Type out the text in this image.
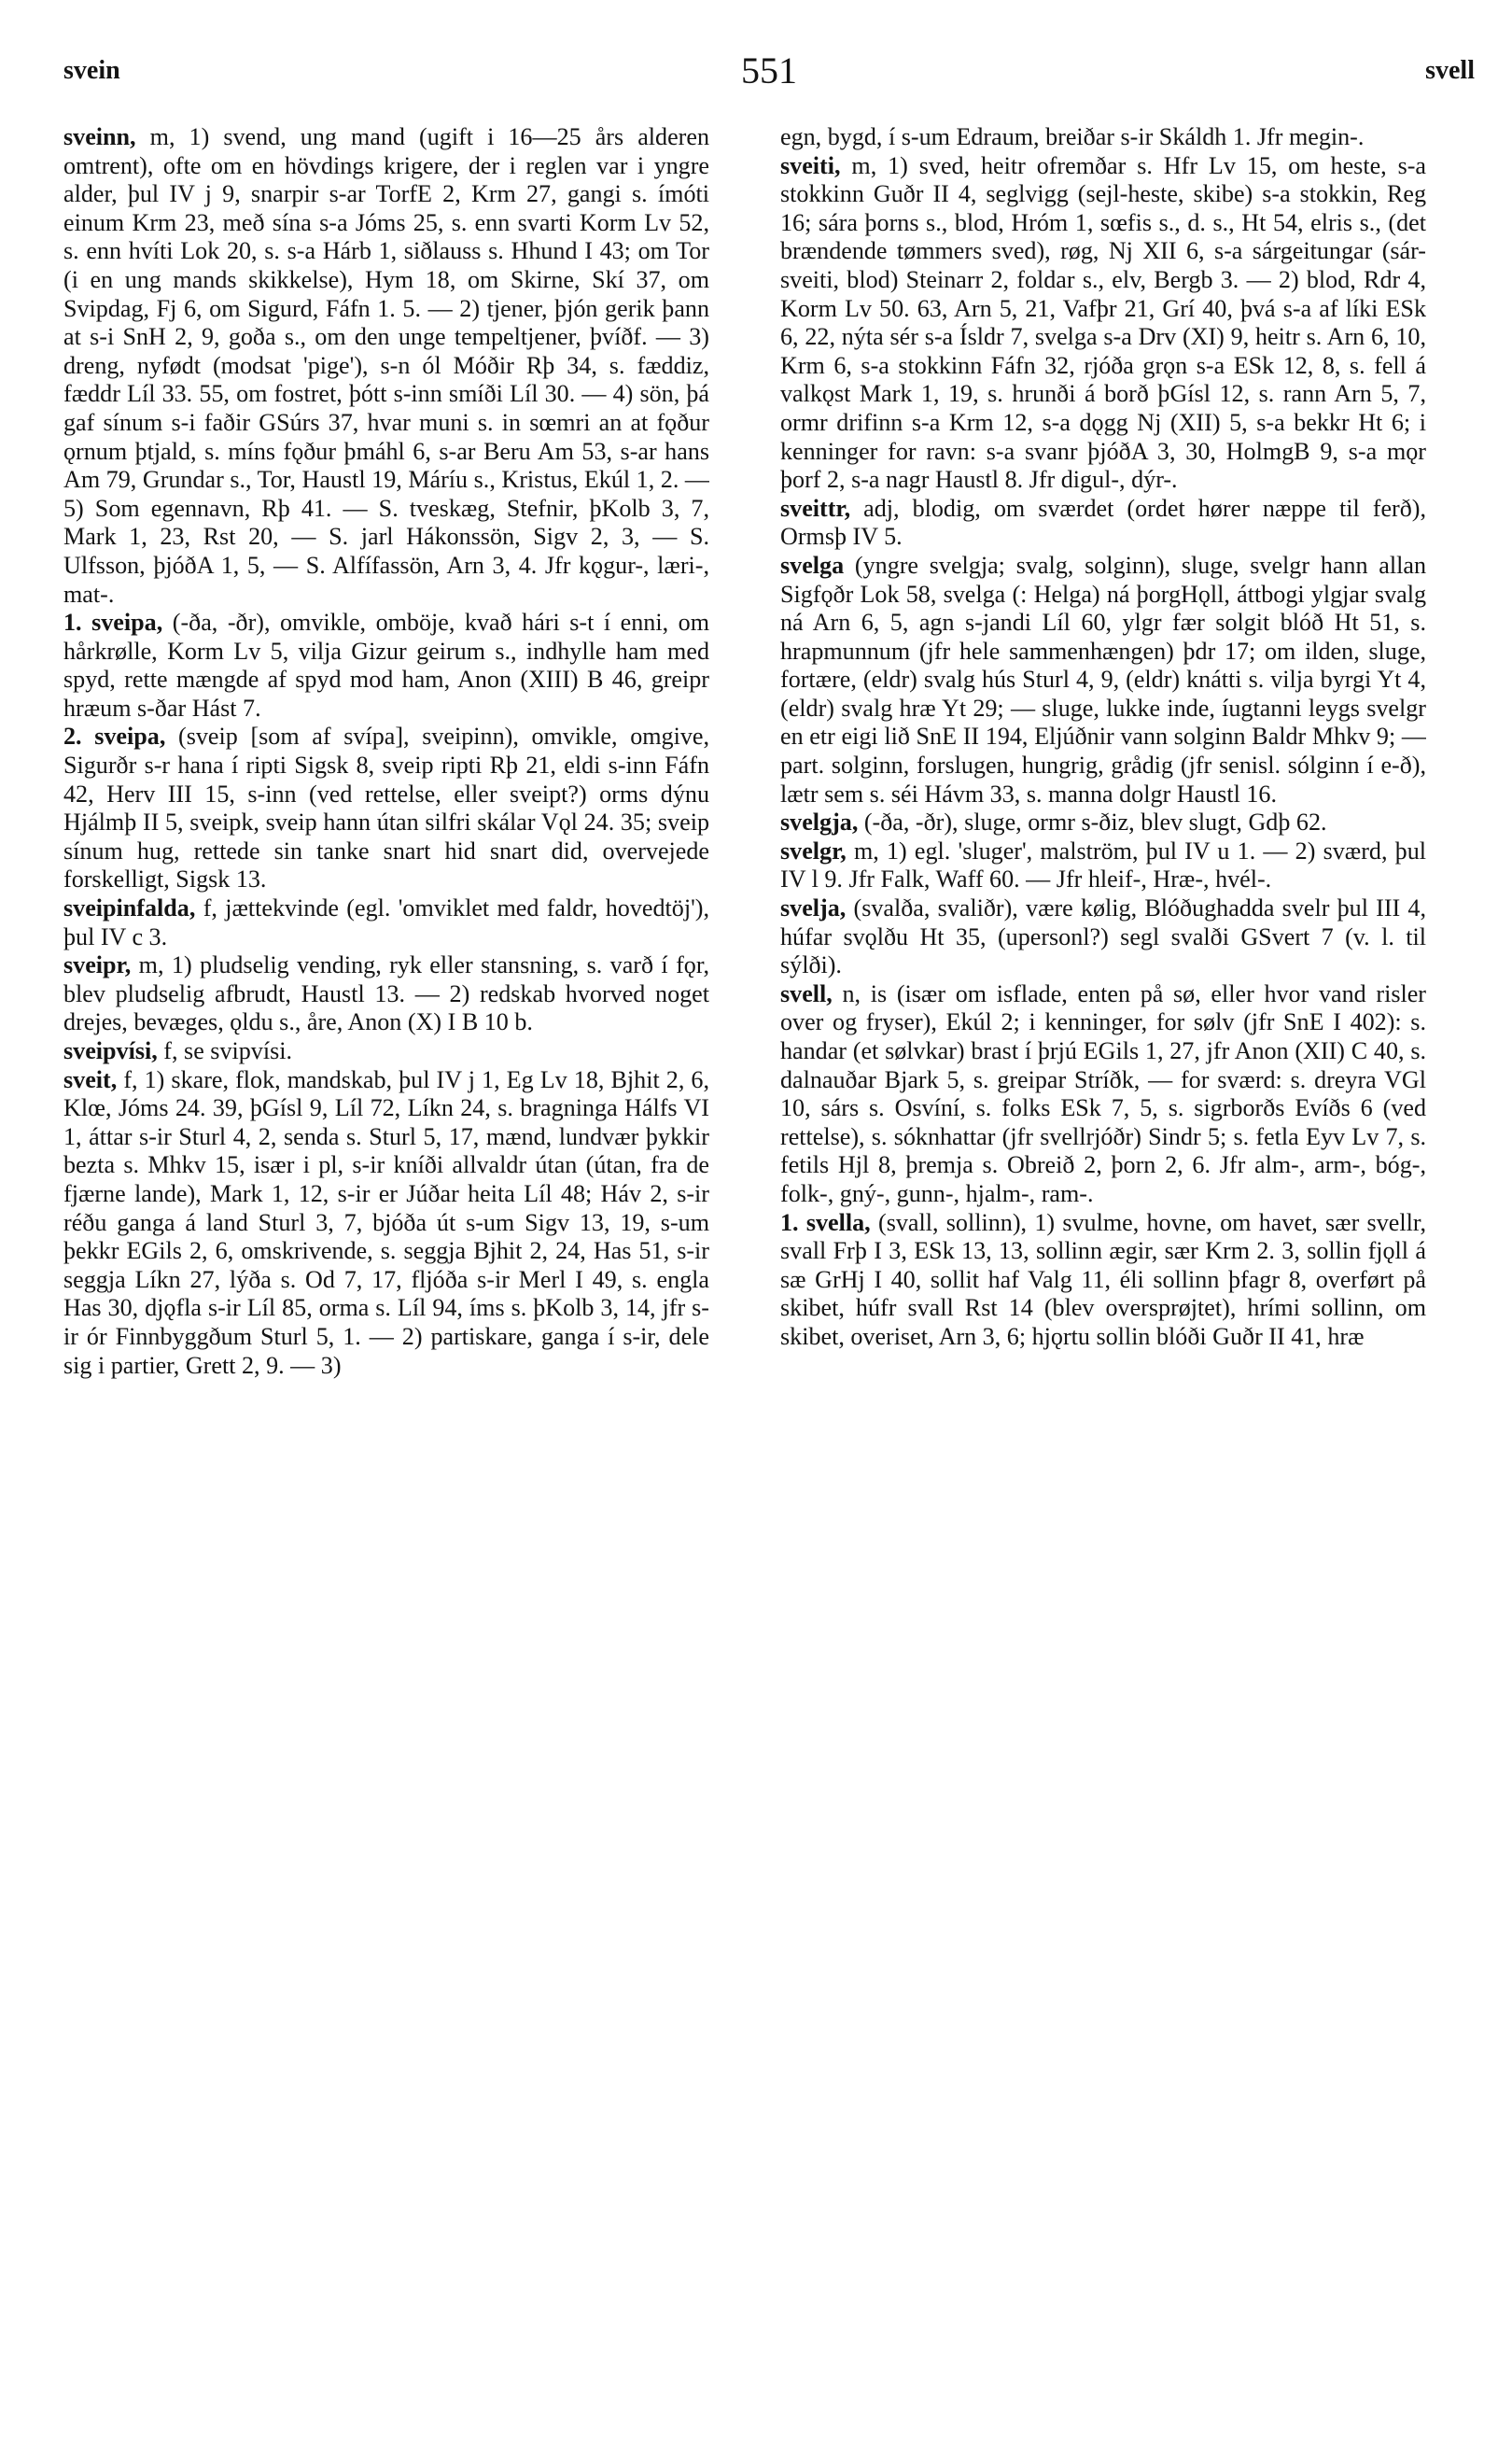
svein	551	svell

sveinn, m, 1) svend, ung mand (ugift i 16—25 års alderen omtrent), ofte om en hövdings krigere, der i reglen var i yngre alder, þul IV j 9, snarpir s-ar TorfE 2, Krm 27, gangi s. ímóti einum Krm 23, með sína s-a Jóms 25, s. enn svarti Korm Lv 52, s. enn hvíti Lok 20, s. s-a Hárb 1, siðlauss s. Hhund I 43; om Tor (i en ung mands skikkelse), Hym 18, om Skirne, Skí 37, om Svipdag, Fj 6, om Sigurd, Fáfn 1. 5. — 2) tjener, þjón gerik þann at s-i SnH 2, 9, goða s., om den unge tempeltjener, þvíðf. — 3) dreng, nyfødt (modsat 'pige'), s-n ól Móðir Rþ 34, s. fæddiz, fæddr Líl 33. 55, om fostret, þótt s-inn smíði Líl 30. — 4) sön, þá gaf sínum s-i faðir GSúrs 37, hvar muni s. in sœmri an at fǫður ǫrnum þtjald, s. míns fǫður þmáhl 6, s-ar Beru Am 53, s-ar hans Am 79, Grundar s., Tor, Haustl 19, Máríu s., Kristus, Ekúl 1, 2. — 5) Som egennavn, Rþ 41. — S. tveskæg, Stefnir, þKolb 3, 7, Mark 1, 23, Rst 20, — S. jarl Hákonssön, Sigv 2, 3, — S. Ulfsson, þjóðA 1, 5, — S. Alfífassön, Arn 3, 4. Jfr kǫgur-, læri-, mat-.

1. sveipa, (-ða, -ðr), omvikle, omböje, kvað hári s-t í enni, om hårkrølle, Korm Lv 5, vilja Gizur geirum s., indhylle ham med spyd, rette mængde af spyd mod ham, Anon (XIII) B 46, greipr hræum s-ðar Hást 7.

2. sveipa, (sveip [som af svípa], sveipinn), omvikle, omgive, Sigurðr s-r hana í ripti Sigsk 8, sveip ripti Rþ 21, eldi s-inn Fáfn 42, Herv III 15, s-inn (ved rettelse, eller sveipt?) orms dýnu Hjálmþ II 5, sveipk, sveip hann útan silfri skálar Vǫl 24. 35; sveip sínum hug, rettede sin tanke snart hid snart did, overvejede forskelligt, Sigsk 13.

sveipinfalda, f, jættekvinde (egl. 'omviklet med faldr, hovedtöj'), þul IV c 3.

sveipr, m, 1) pludselig vending, ryk eller stansning, s. varð í fǫr, blev pludselig afbrudt, Haustl 13. — 2) redskab hvorved noget drejes, bevæges, ǫldu s., åre, Anon (X) I B 10 b.

sveipvísi, f, se svipvísi.

sveit, f, 1) skare, flok, mandskab, þul IV j 1, Eg Lv 18, Bjhit 2, 6, Klœ, Jóms 24. 39, þGísl 9, Líl 72, Líkn 24, s. bragninga Hálfs VI 1, áttar s-ir Sturl 4, 2, senda s. Sturl 5, 17, mænd, lundvær þykkir bezta s. Mhkv 15, især i pl, s-ir kníði allvaldr útan (útan, fra de fjærne lande), Mark 1, 12, s-ir er Júðar heita Líl 48; Háv 2, s-ir réðu ganga á land Sturl 3, 7, bjóða út s-um Sigv 13, 19, s-um þekkr EGils 2, 6, omskrivende, s. seggja Bjhit 2, 24, Has 51, s-ir seggja Líkn 27, lýða s. Od 7, 17, fljóða s-ir Merl I 49, s. engla Has 30, djǫfla s-ir Líl 85, orma s. Líl 94, íms s. þKolb 3, 14, jfr s-ir ór Finnbyggðum Sturl 5, 1. — 2) partiskare, ganga í s-ir, dele sig i partier, Grett 2, 9. — 3)

egn, bygd, í s-um Edraum, breiðar s-ir Skáldh 1. Jfr megin-.

sveiti, m, 1) sved, heitr ofremðar s. Hfr Lv 15, om heste, s-a stokkinn Guðr II 4, seglvigg (sejl-heste, skibe) s-a stokkin, Reg 16; sára þorns s., blod, Hróm 1, sœfis s., d. s., Ht 54, elris s., (det brændende tømmers sved), røg, Nj XII 6, s-a sárgeitungar (sár-sveiti, blod) Steinarr 2, foldar s., elv, Bergb 3. — 2) blod, Rdr 4, Korm Lv 50. 63, Arn 5, 21, Vafþr 21, Grí 40, þvá s-a af líki ESk 6, 22, nýta sér s-a Ísldr 7, svelga s-a Drv (XI) 9, heitr s. Arn 6, 10, Krm 6, s-a stokkinn Fáfn 32, rjóða grǫn s-a ESk 12, 8, s. fell á valkǫst Mark 1, 19, s. hrunði á borð þGísl 12, s. rann Arn 5, 7, ormr drifinn s-a Krm 12, s-a dǫgg Nj (XII) 5, s-a bekkr Ht 6; i kenninger for ravn: s-a svanr þjóðA 3, 30, HolmgB 9, s-a mǫr þorf 2, s-a nagr Haustl 8. Jfr digul-, dýr-.

sveittr, adj, blodig, om sværdet (ordet hører næppe til ferð), Ormsþ IV 5.

svelga (yngre svelgja; svalg, solginn), sluge, svelgr hann allan Sigfǫðr Lok 58, svelga (: Helga) ná þorgHǫll, áttbogi ylgjar svalg ná Arn 6, 5, agn s-jandi Líl 60, ylgr fær solgit blóð Ht 51, s. hrapmunnum (jfr hele sammenhængen) þdr 17; om ilden, sluge, fortære, (eldr) svalg hús Sturl 4, 9, (eldr) knátti s. vilja byrgi Yt 4, (eldr) svalg hræ Yt 29; — sluge, lukke inde, íugtanni leygs svelgr en etr eigi lið SnE II 194, Eljúðnir vann solginn Baldr Mhkv 9; — part. solginn, forslugen, hungrig, grådig (jfr senisl. sólginn í e-ð), lætr sem s. séi Hávm 33, s. manna dolgr Haustl 16.

svelgja, (-ða, -ðr), sluge, ormr s-ðiz, blev slugt, Gdþ 62.

svelgr, m, 1) egl. 'sluger', malström, þul IV u 1. — 2) sværd, þul IV l 9. Jfr Falk, Waff 60. — Jfr hleif-, Hræ-, hvél-.

svelja, (svalða, svaliðr), være kølig, Blóðughadda svelr þul III 4, húfar svǫlðu Ht 35, (upersonl?) segl svalði GSvert 7 (v. l. til sýlði).

svell, n, is (især om isflade, enten på sø, eller hvor vand risler over og fryser), Ekúl 2; i kenninger, for sølv (jfr SnE I 402): s. handar (et sølvkar) brast í þrjú EGils 1, 27, jfr Anon (XII) C 40, s. dalnauðar Bjark 5, s. greipar Stríðk, — for sværd: s. dreyra VGl 10, sárs s. Osvíní, s. folks ESk 7, 5, s. sigrborðs Evíðs 6 (ved rettelse), s. sóknhattar (jfr svellrjóðr) Sindr 5; s. fetla Eyv Lv 7, s. fetils Hjl 8, þremja s. Obreið 2, þorn 2, 6. Jfr alm-, arm-, bóg-, folk-, gný-, gunn-, hjalm-, ram-.

1. svella, (svall, sollinn), 1) svulme, hovne, om havet, sær svellr, svall Frþ I 3, ESk 13, 13, sollinn ægir, sær Krm 2. 3, sollin fjǫll á sæ GrHj I 40, sollit haf Valg 11, éli sollinn þfagr 8, overført på skibet, húfr svall Rst 14 (blev oversprøjtet), hrími sollinn, om skibet, overiset, Arn 3, 6; hjǫrtu sollin blóði Guðr II 41, hræ
